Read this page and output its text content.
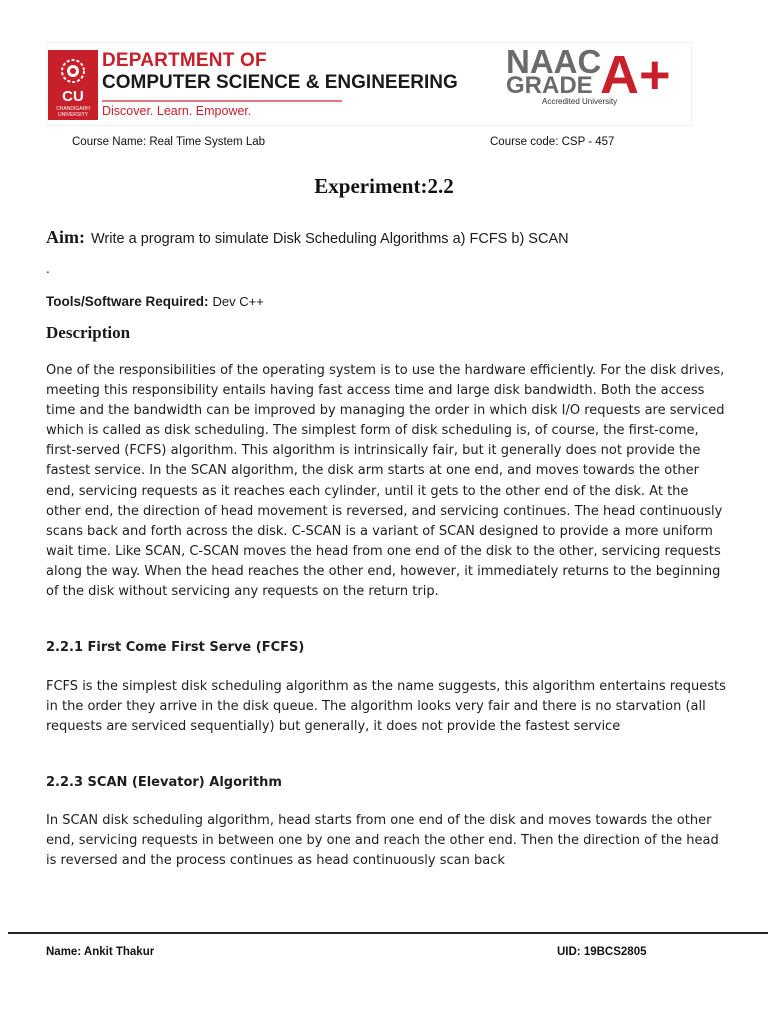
CU
CHANDIGARH UNIVERSITY
DEPARTMENT OF
COMPUTER SCIENCE & ENGINEERING
Discover. Learn. Empower.
NAAC
GRADE A+
Accredited University
Course Name: Real Time System Lab	Course code: CSP - 457
Experiment:2.2
Aim: Write a program to simulate Disk Scheduling Algorithms a) FCFS b) SCAN
.
Tools/Software Required: Dev C++
Description
One of the responsibilities of the operating system is to use the hardware efficiently. For the disk drives, meeting this responsibility entails having fast access time and large disk bandwidth. Both the access time and the bandwidth can be improved by managing the order in which disk I/O requests are serviced which is called as disk scheduling. The simplest form of disk scheduling is, of course, the first-come, first-served (FCFS) algorithm. This algorithm is intrinsically fair, but it generally does not provide the fastest service. In the SCAN algorithm, the disk arm starts at one end, and moves towards the other end, servicing requests as it reaches each cylinder, until it gets to the other end of the disk. At the other end, the direction of head movement is reversed, and servicing continues. The head continuously scans back and forth across the disk. C-SCAN is a variant of SCAN designed to provide a more uniform wait time. Like SCAN, C-SCAN moves the head from one end of the disk to the other, servicing requests along the way. When the head reaches the other end, however, it immediately returns to the beginning of the disk without servicing any requests on the return trip.
2.2.1 First Come First Serve (FCFS)
FCFS is the simplest disk scheduling algorithm as the name suggests, this algorithm entertains requests in the order they arrive in the disk queue. The algorithm looks very fair and there is no starvation (all requests are serviced sequentially) but generally, it does not provide the fastest service
2.2.3 SCAN (Elevator) Algorithm
In SCAN disk scheduling algorithm, head starts from one end of the disk and moves towards the other end, servicing requests in between one by one and reach the other end. Then the direction of the head is reversed and the process continues as head continuously scan back
Name: Ankit Thakur	UID: 19BCS2805
